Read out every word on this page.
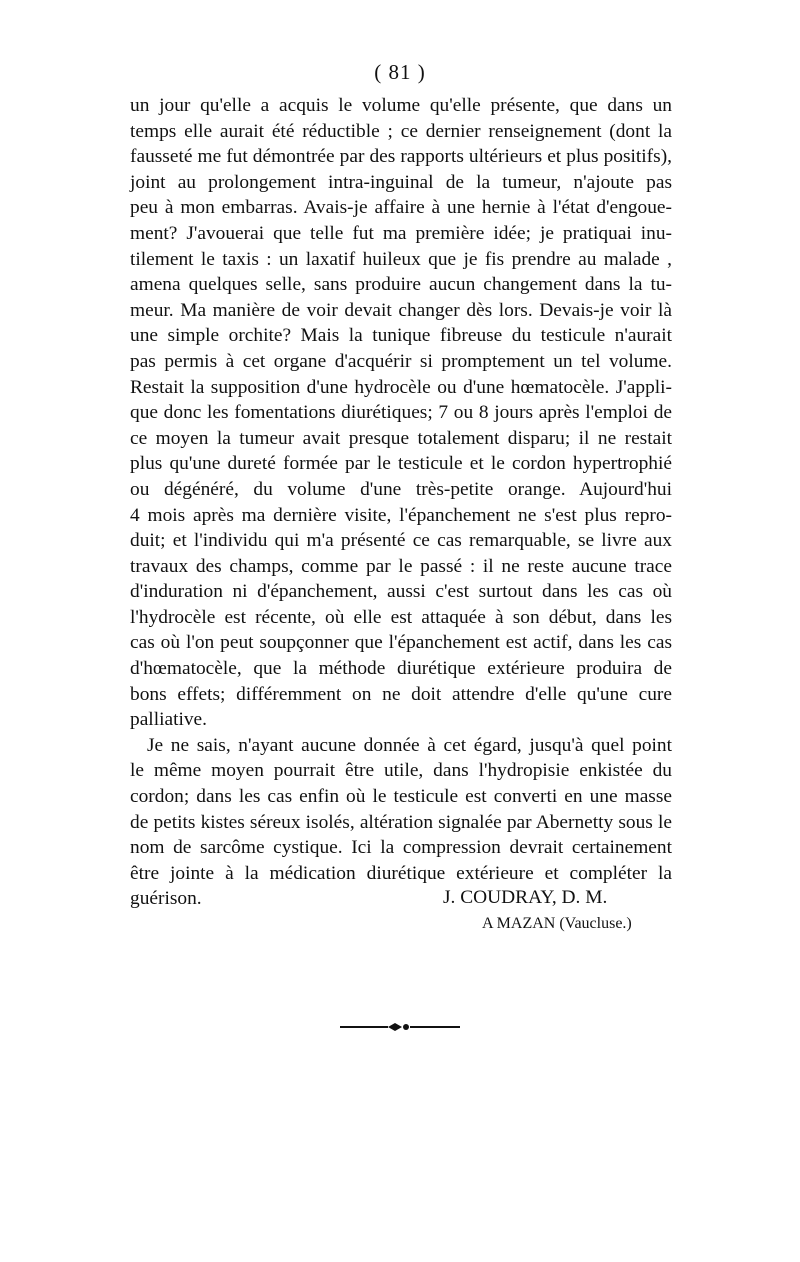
( 81 )
un jour qu'elle a acquis le volume qu'elle présente, que dans un
temps elle aurait été réductible ; ce dernier renseignement (dont la
fausseté me fut démontrée par des rapports ultérieurs et plus positifs),
joint au prolongement intra-inguinal de la tumeur, n'ajoute pas
peu à mon embarras. Avais-je affaire à une hernie à l'état d'engoue-
ment? J'avouerai que telle fut ma première idée; je pratiquai inu-
tilement le taxis : un laxatif huileux que je fis prendre au malade ,
amena quelques selle, sans produire aucun changement dans la tu-
meur. Ma manière de voir devait changer dès lors. Devais-je voir là
une simple orchite? Mais la tunique fibreuse du testicule n'aurait
pas permis à cet organe d'acquérir si promptement un tel volume.
Restait la supposition d'une hydrocèle ou d'une hœmatocèle. J'appli-
que donc les fomentations diurétiques; 7 ou 8 jours après l'emploi de
ce moyen la tumeur avait presque totalement disparu; il ne restait
plus qu'une dureté formée par le testicule et le cordon hypertrophié
ou dégénéré, du volume d'une très-petite orange. Aujourd'hui
4 mois après ma dernière visite, l'épanchement ne s'est plus repro-
duit; et l'individu qui m'a présenté ce cas remarquable, se livre aux
travaux des champs, comme par le passé : il ne reste aucune trace
d'induration ni d'épanchement, aussi c'est surtout dans les cas où
l'hydrocèle est récente, où elle est attaquée à son début, dans les
cas où l'on peut soupçonner que l'épanchement est actif, dans les cas
d'hœmatocèle, que la méthode diurétique extérieure produira de
bons effets; différemment on ne doit attendre d'elle qu'une cure
palliative.
Je ne sais, n'ayant aucune donnée à cet égard, jusqu'à quel point
le même moyen pourrait être utile, dans l'hydropisie enkistée du
cordon; dans les cas enfin où le testicule est converti en une masse
de petits kistes séreux isolés, altération signalée par Abernetty sous le
nom de sarcôme cystique. Ici la compression devrait certainement
être jointe à la médication diurétique extérieure et compléter la
guérison.	J. COUDRAY, D. M.
A MAZAN (Vaucluse.)
